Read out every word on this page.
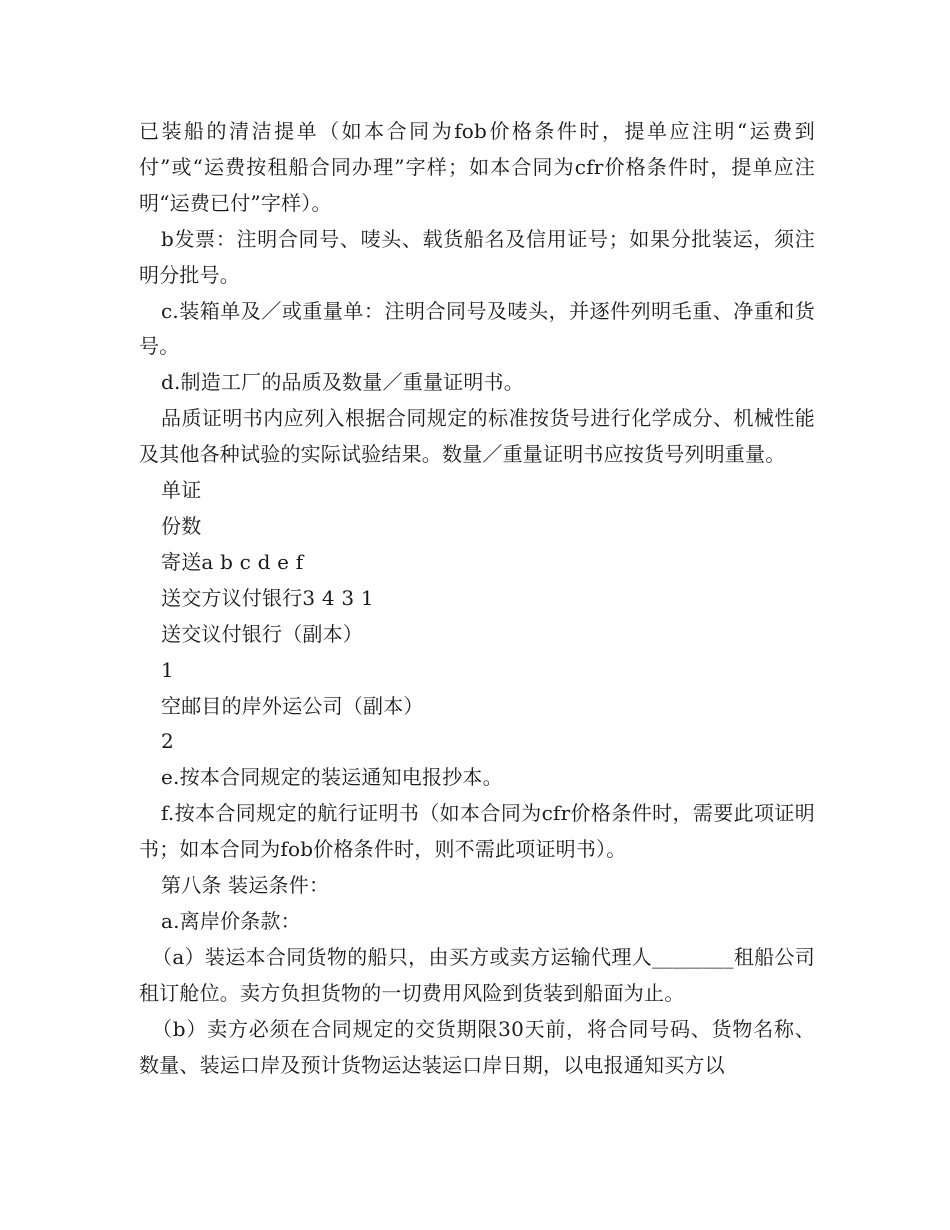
已装船的清洁提单（如本合同为fob价格条件时，提单应注明“运费到付”或“运费按租船合同办理”字样；如本合同为cfr价格条件时，提单应注明“运费已付”字样）。

b发票：注明合同号、唛头、载货船名及信用证号；如果分批装运，须注明分批号。

c.装箱单及／或重量单：注明合同号及唛头，并逐件列明毛重、净重和货号。

d.制造工厂的品质及数量／重量证明书。

品质证明书内应列入根据合同规定的标准按货号进行化学成分、机械性能及其他各种试验的实际试验结果。数量／重量证明书应按货号列明重量。

单证

份数

寄送a b c d e f

送交方议付银行3 4 3 1

送交议付银行（副本）

1

空邮目的岸外运公司（副本）

2

e.按本合同规定的装运通知电报抄本。

f.按本合同规定的航行证明书（如本合同为cfr价格条件时，需要此项证明书；如本合同为fob价格条件时，则不需此项证明书）。

第八条 装运条件：

a.离岸价条款：

（a）装运本合同货物的船只，由买方或卖方运输代理人________租船公司租订舱位。卖方负担货物的一切费用风险到货装到船面为止。

（b）卖方必须在合同规定的交货期限30天前，将合同号码、货物名称、数量、装运口岸及预计货物运达装运口岸日期，以电报通知买方以
